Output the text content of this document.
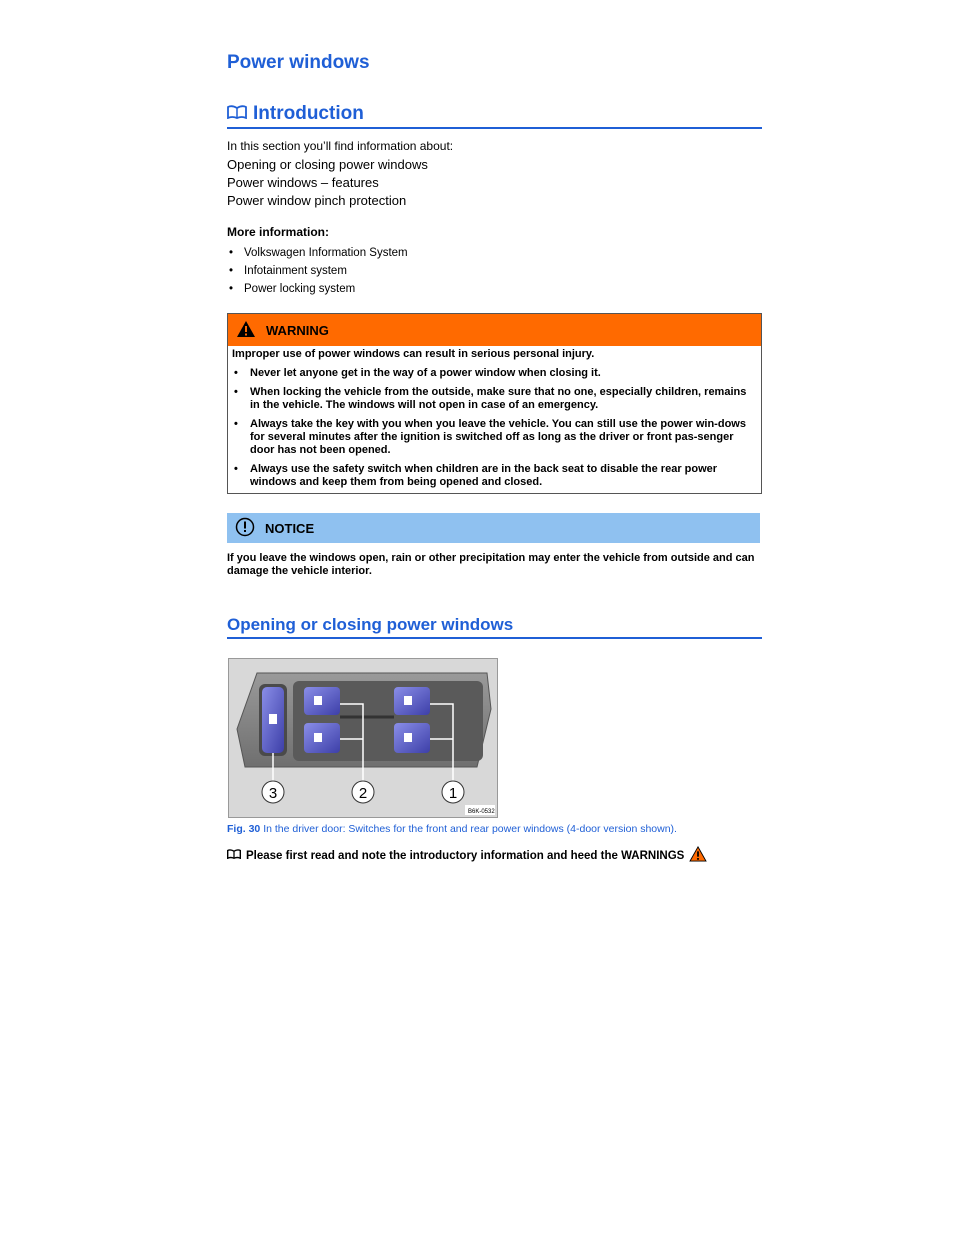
Power windows
Introduction
In this section you’ll find information about:
Opening or closing power windows
Power windows – features
Power window pinch protection
More information:
• Volkswagen Information System
• Infotainment system
• Power locking system
WARNING

Improper use of power windows can result in serious personal injury.

• Never let anyone get in the way of a power window when closing it.

• When locking the vehicle from the outside, make sure that no one, especially children, remains in the vehicle. The windows will not open in case of an emergency.

• Always take the key with you when you leave the vehicle. You can still use the power win-dows for several minutes after the ignition is switched off as long as the driver or front pas-senger door has not been opened.

• Always use the safety switch when children are in the back seat to disable the rear power windows and keep them from being opened and closed.

NOTICE
If you leave the windows open, rain or other precipitation may enter the vehicle from outside and can damage the vehicle interior.
Opening or closing power windows
3	2	1
B6K-0532
Fig. 30 In the driver door: Switches for the front and rear power windows (4-door version shown).
Please first read and note the introductory information and heed the WARNINGS
